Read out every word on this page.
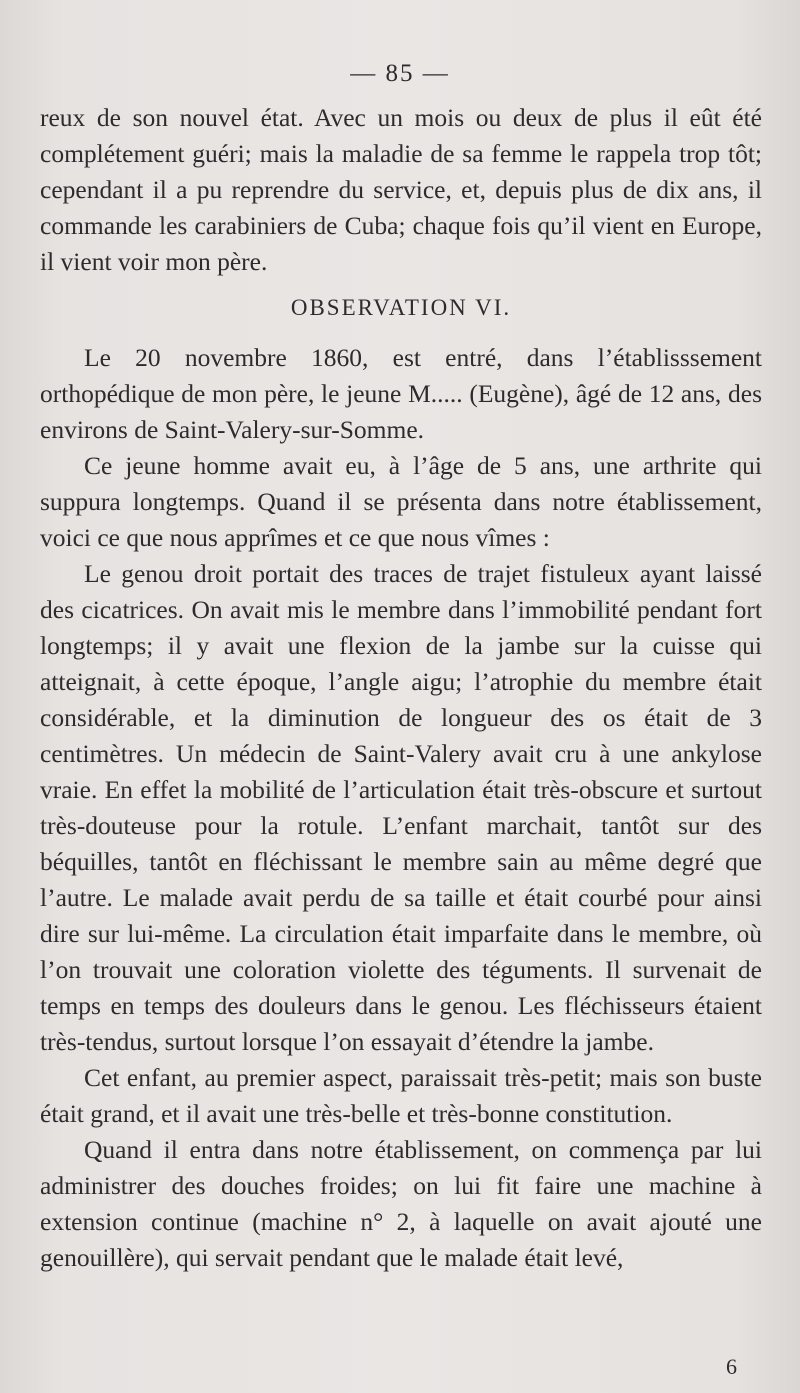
— 85 —

reux de son nouvel état. Avec un mois ou deux de plus il eût été complétement guéri; mais la maladie de sa femme le rappela trop tôt; cependant il a pu reprendre du service, et, depuis plus de dix ans, il commande les carabiniers de Cuba; chaque fois qu’il vient en Europe, il vient voir mon père.

OBSERVATION VI.

Le 20 novembre 1860, est entré, dans l’établisssement orthopédique de mon père, le jeune M..... (Eugène), âgé de 12 ans, des environs de Saint-Valery-sur-Somme.

Ce jeune homme avait eu, à l’âge de 5 ans, une arthrite qui suppura longtemps. Quand il se présenta dans notre établissement, voici ce que nous apprîmes et ce que nous vîmes :

Le genou droit portait des traces de trajet fistuleux ayant laissé des cicatrices. On avait mis le membre dans l’immobilité pendant fort longtemps; il y avait une flexion de la jambe sur la cuisse qui atteignait, à cette époque, l’angle aigu; l’atrophie du membre était considérable, et la diminution de longueur des os était de 3 centimètres. Un médecin de Saint-Valery avait cru à une ankylose vraie. En effet la mobilité de l’articulation était très-obscure et surtout très-douteuse pour la rotule. L’enfant marchait, tantôt sur des béquilles, tantôt en fléchissant le membre sain au même degré que l’autre. Le malade avait perdu de sa taille et était courbé pour ainsi dire sur lui-même. La circulation était imparfaite dans le membre, où l’on trouvait une coloration violette des téguments. Il survenait de temps en temps des douleurs dans le genou. Les fléchisseurs étaient très-tendus, surtout lorsque l’on essayait d’étendre la jambe.

Cet enfant, au premier aspect, paraissait très-petit; mais son buste était grand, et il avait une très-belle et très-bonne constitution.

Quand il entra dans notre établissement, on commença par lui administrer des douches froides; on lui fit faire une machine à extension continue (machine n° 2, à laquelle on avait ajouté une genouillère), qui servait pendant que le malade était levé,

6
